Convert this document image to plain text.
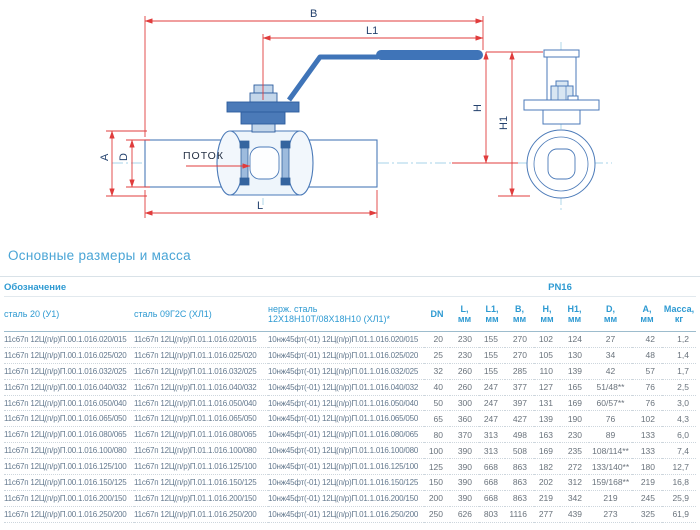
B
L1
H
H1
A D
L
ПОТОК
Основные размеры и масса
Обозначение			PN16								
сталь 20 (У1)	сталь 09Г2С (ХЛ1)	нерж. сталь
12Х18Н10Т/08Х18Н10 (ХЛ1)*	DN	L,
мм	L1,
мм	B,
мм	H,
мм	H1,
мм	D,
мм	A,
мм	Масса,
кг

11с67п 12Ц(п/р)П.00.1.016.020/015	11с67п 12Ц(п/р)П.01.1.016.020/015	10нж45фт(-01) 12Ц(п/р)П.01.1.016.020/015	20	230	155	270	102	124	27	42	1,2
11с67п 12Ц(п/р)П.00.1.016.025/020	11с67п 12Ц(п/р)П.01.1.016.025/020	10нж45фт(-01) 12Ц(п/р)П.01.1.016.025/020	25	230	155	270	105	130	34	48	1,4
11с67п 12Ц(п/р)П.00.1.016.032/025	11с67п 12Ц(п/р)П.01.1.016.032/025	10нж45фт(-01) 12Ц(п/р)П.01.1.016.032/025	32	260	155	285	110	139	42	57	1,7
11с67п 12Ц(п/р)П.00.1.016.040/032	11с67п 12Ц(п/р)П.01.1.016.040/032	10нж45фт(-01) 12Ц(п/р)П.01.1.016.040/032	40	260	247	377	127	165	51/48**	76	2,5
11с67п 12Ц(п/р)П.00.1.016.050/040	11с67п 12Ц(п/р)П.01.1.016.050/040	10нж45фт(-01) 12Ц(п/р)П.01.1.016.050/040	50	300	247	397	131	169	60/57**	76	3,0
11с67п 12Ц(п/р)П.00.1.016.065/050	11с67п 12Ц(п/р)П.01.1.016.065/050	10нж45фт(-01) 12Ц(п/р)П.01.1.016.065/050	65	360	247	427	139	190	76	102	4,3
11с67п 12Ц(п/р)П.00.1.016.080/065	11с67п 12Ц(п/р)П.01.1.016.080/065	10нж45фт(-01) 12Ц(п/р)П.01.1.016.080/065	80	370	313	498	163	230	89	133	6,0
11с67п 12Ц(п/р)П.00.1.016.100/080	11с67п 12Ц(п/р)П.01.1.016.100/080	10нж45фт(-01) 12Ц(п/р)П.01.1.016.100/080	100	390	313	508	169	235	108/114**	133	7,4
11с67п 12Ц(п/р)П.00.1.016.125/100	11с67п 12Ц(п/р)П.01.1.016.125/100	10нж45фт(-01) 12Ц(п/р)П.01.1.016.125/100	125	390	668	863	182	272	133/140**	180	12,7
11с67п 12Ц(п/р)П.00.1.016.150/125	11с67п 12Ц(п/р)П.01.1.016.150/125	10нж45фт(-01) 12Ц(п/р)П.01.1.016.150/125	150	390	668	863	202	312	159/168**	219	16,8
11с67п 12Ц(п/р)П.00.1.016.200/150	11с67п 12Ц(п/р)П.01.1.016.200/150	10нж45фт(-01) 12Ц(п/р)П.01.1.016.200/150	200	390	668	863	219	342	219	245	25,9
11с67п 12Ц(п/р)П.00.1.016.250/200	11с67п 12Ц(п/р)П.01.1.016.250/200	10нж45фт(-01) 12Ц(п/р)П.01.1.016.250/200	250	626	803	1116	277	439	273	325	61,9
